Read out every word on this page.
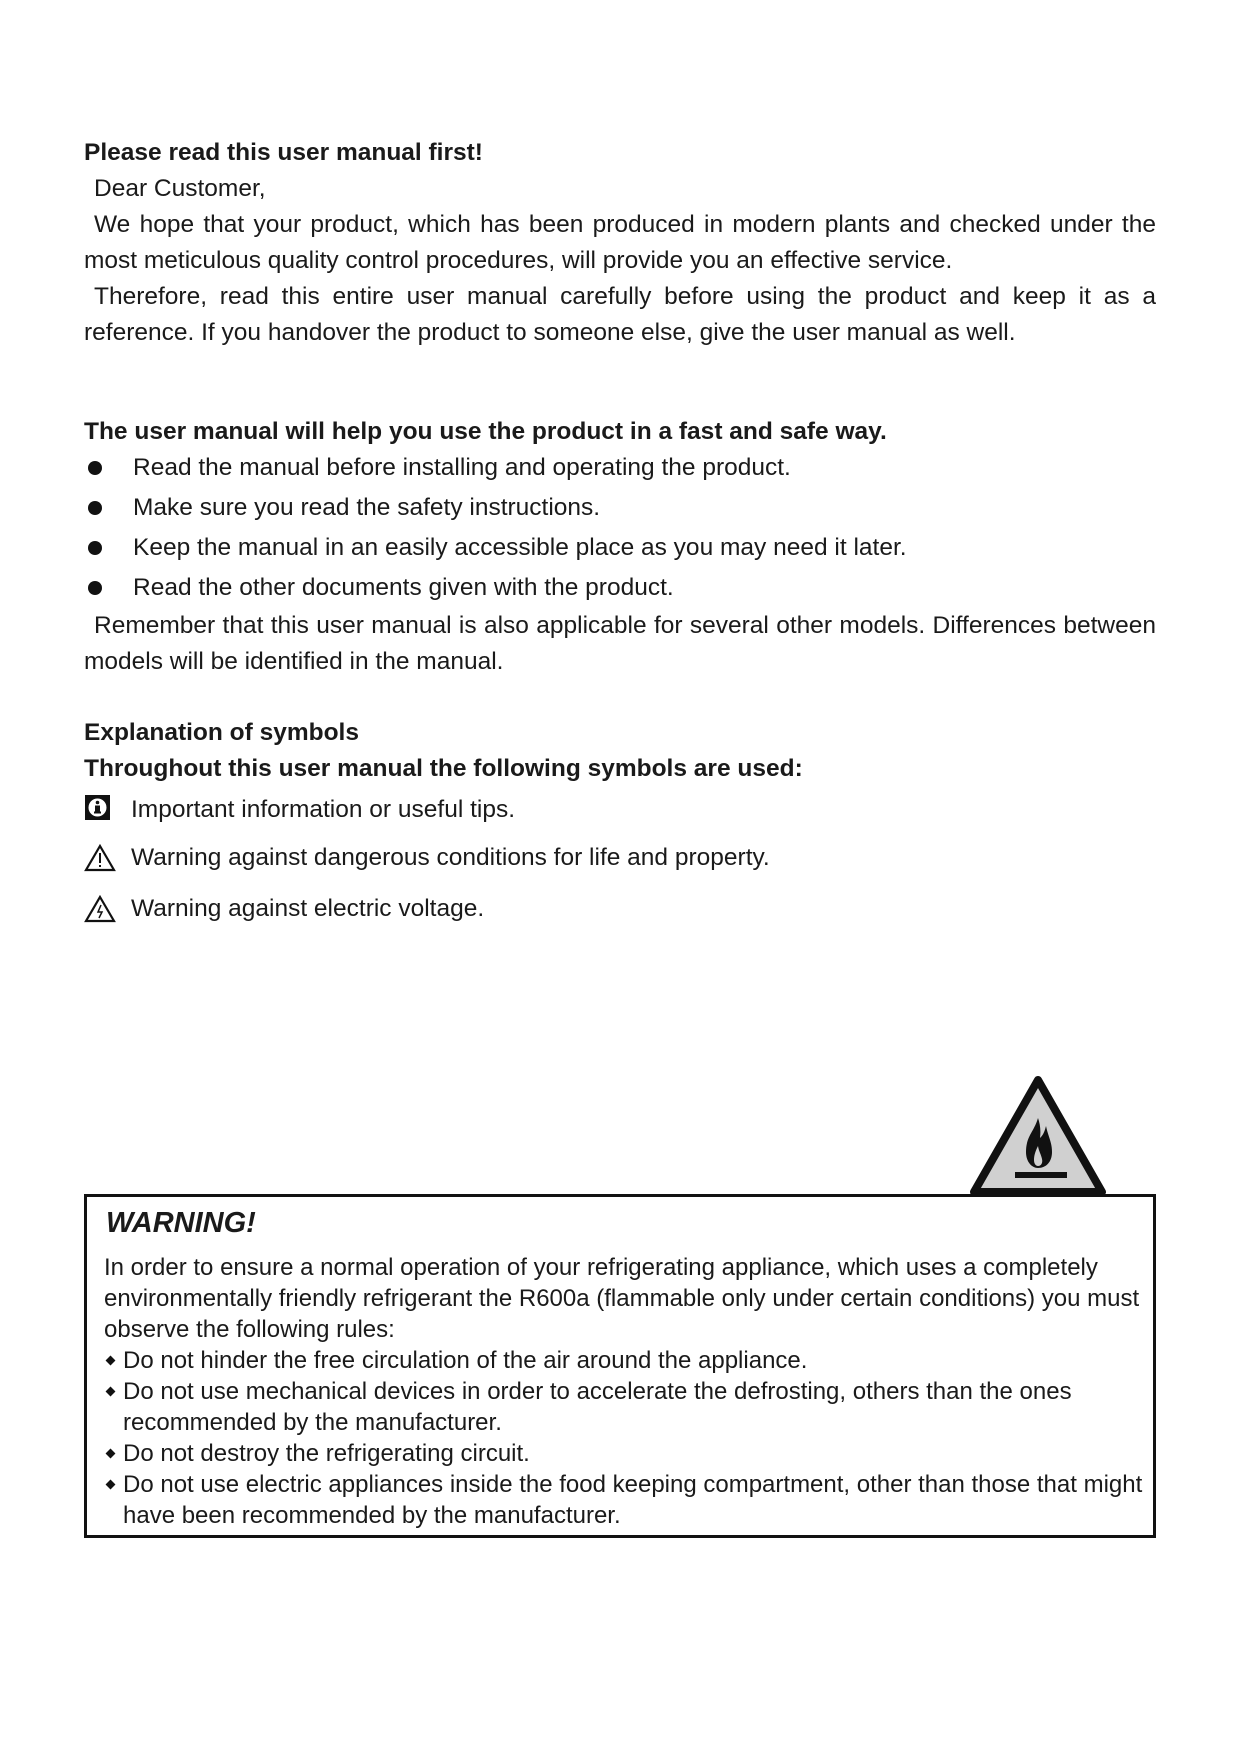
Please read this user manual first!

Dear Customer,

We hope that your product, which has been produced in modern plants and checked under the most meticulous quality control procedures, will provide you an effective service.

Therefore, read this entire user manual carefully before using the product and keep it as a reference. If you handover the product to someone else, give the user manual as well.

The user manual will help you use the product in a fast and safe way.
Read the manual before installing and operating the product.
Make sure you read the safety instructions.
Keep the manual in an easily accessible place as you may need it later.
Read the other documents given with the product.

Remember that this user manual is also applicable for several other models. Differences between models will be identified in the manual.

Explanation of symbols
Throughout this user manual the following symbols are used:
Important information or useful tips.
Warning against dangerous conditions for life and property.
Warning against electric voltage.
WARNING!
In order to ensure a normal operation of your refrigerating appliance, which uses a completely environmentally friendly refrigerant the R600a (flammable only under certain conditions) you must observe the following rules:
Do not hinder the free circulation of the air around the appliance.
Do not use mechanical devices in order to accelerate the defrosting, others than the ones recommended by the manufacturer.
Do not destroy the refrigerating circuit.
Do not use electric appliances inside the food keeping compartment, other than those that might have been recommended by the manufacturer.
